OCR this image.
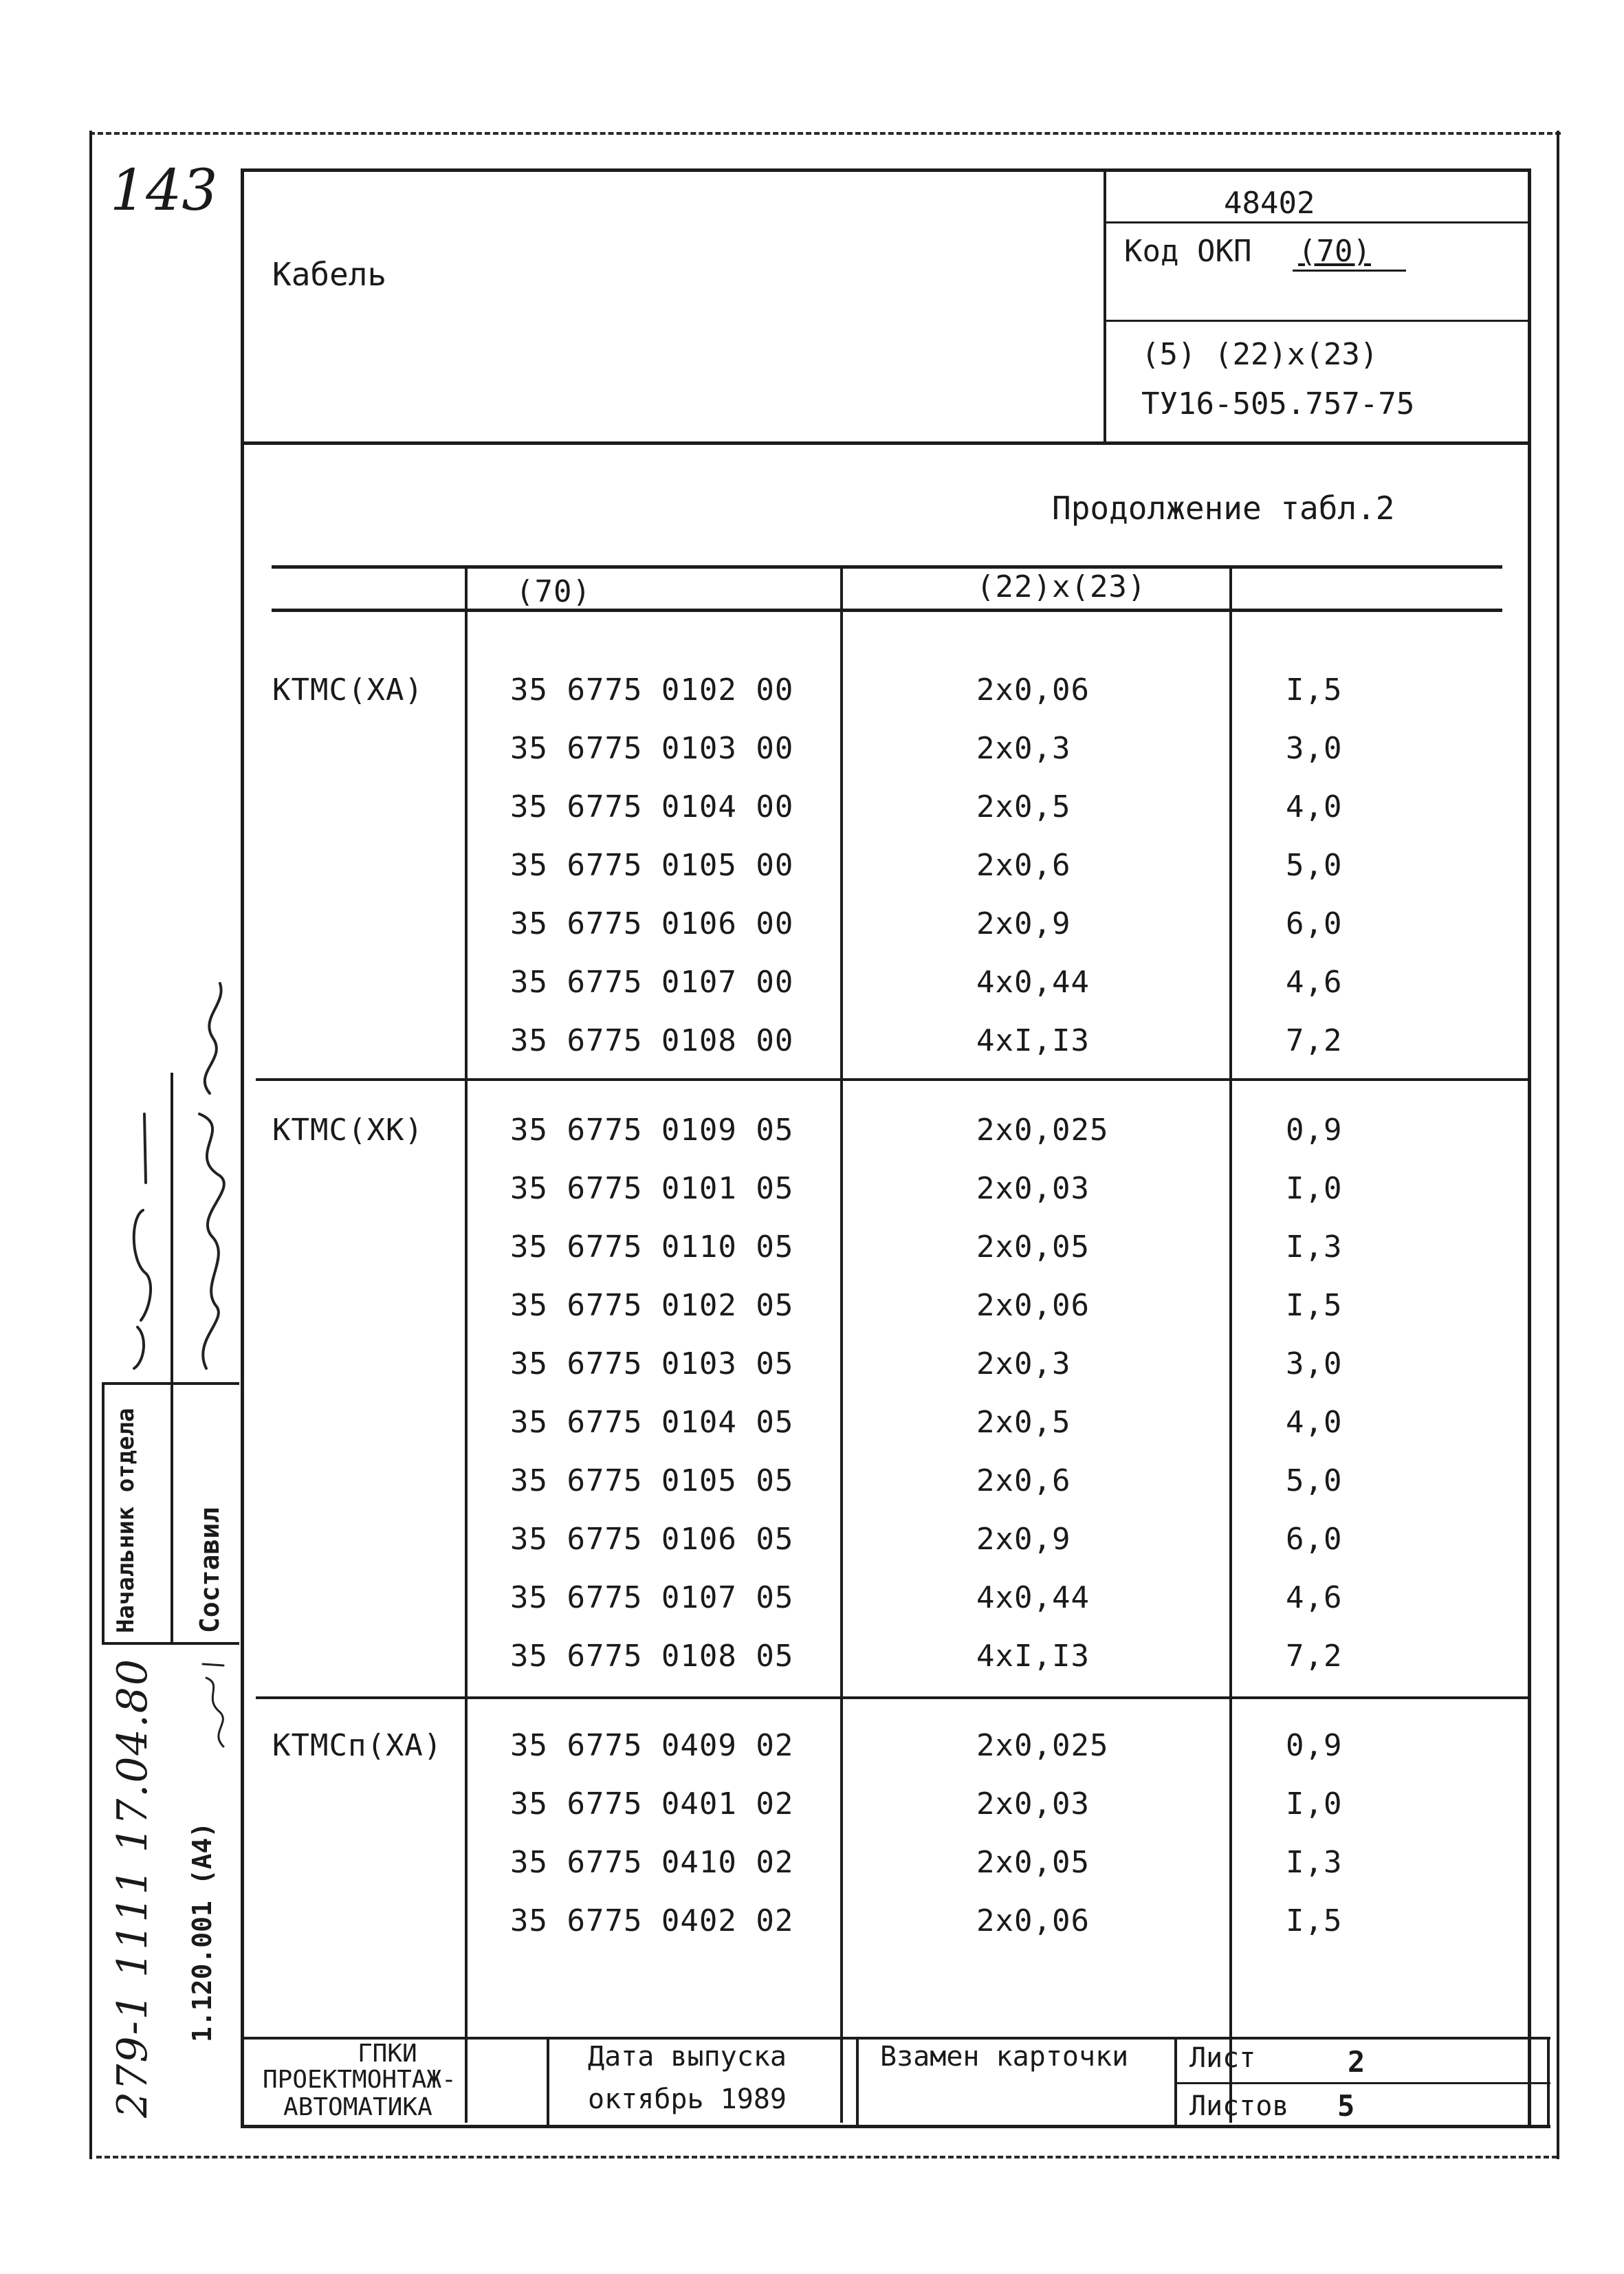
143
Кабель
48402
Код ОКП (70)
(5) (22)x(23)
ТУ16-505.757-75
Продолжение табл.2
(70)	(22)x(23)
КТМС(ХА)	35 6775 0102 00	2x0,06	I,5
35 6775 0103 00	2x0,3	3,0
35 6775 0104 00	2x0,5	4,0
35 6775 0105 00	2x0,6	5,0
35 6775 0106 00	2x0,9	6,0
35 6775 0107 00	4x0,44	4,6
35 6775 0108 00	4xI,I3	7,2
КТМС(ХК)	35 6775 0109 05	2x0,025	0,9
35 6775 0101 05	2x0,03	I,0
35 6775 0110 05	2x0,05	I,3
35 6775 0102 05	2x0,06	I,5
35 6775 0103 05	2x0,3	3,0
35 6775 0104 05	2x0,5	4,0
35 6775 0105 05	2x0,6	5,0
35 6775 0106 05	2x0,9	6,0
35 6775 0107 05	4x0,44	4,6
35 6775 0108 05	4xI,I3	7,2
КТМСп(ХА) 35 6775 0409 02	2x0,025	0,9
35 6775 0401 02	2x0,03	I,0
35 6775 0410 02	2x0,05	I,3
35 6775 0402 02	2x0,06	I,5
ГПКИ
ПРОЕКТМОНТАЖ-
АВТОМАТИКА
Дата выпуска
октябрь 1989
Взамен карточки Лист	2
Листов 5
Начальник отдела Составил
1.120.001 (А4)
279-1 1111 17.04.80
